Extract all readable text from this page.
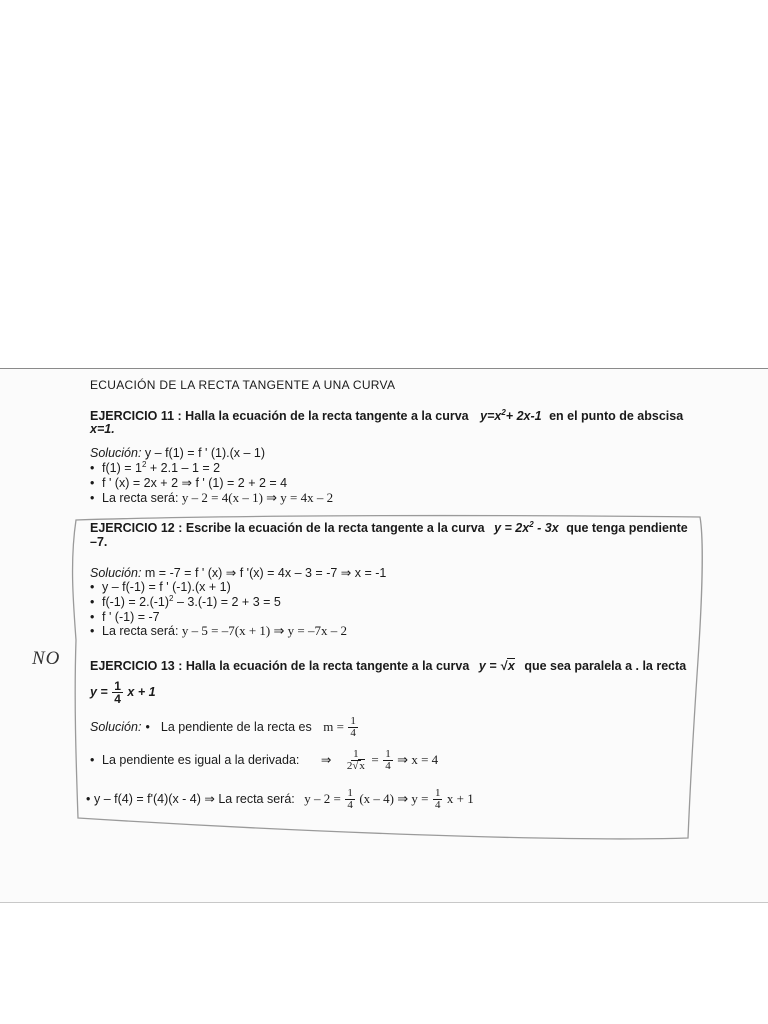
NO
ECUACIÓN DE LA RECTA TANGENTE A UNA CURVA
EJERCICIO 11 : Halla la ecuación de la recta tangente a la curva $y=x^2+ 2x-1$ en el punto de abscisa
x=1.
Solución: y – f(1) = f ' (1).(x – 1)
• $f(1) = 1^2 + 2.1 - 1 = 2$
• f ' (x) = 2x + 2 ⇒ f ' (1) = 2 + 2 = 4
• La recta será: y – 2 = 4(x – 1) ⇒ y = 4x – 2
EJERCICIO 12 : Escribe la ecuación de la recta tangente a la curva $y = 2x^2 - 3x$ que tenga pendiente
–7.
Solución: m = -7 = f ' (x) ⇒ f '(x) = 4x – 3 = -7 ⇒ x = -1
• y – f(-1) = f ' (-1).(x + 1)
• $f(-1) = 2.(-1)^2 - 3.(-1) = 2 + 3 = 5$
• f ' (-1) = -7
• La recta será: y – 5 = –7(x + 1) ⇒ y = –7x – 2
EJERCICIO 13 : Halla la ecuación de la recta tangente a la curva y = √x que sea paralela a . la recta
$y = \frac{1}{4}$ x + 1
Solución: • La pendiente de la recta es $m = \frac{1}{4}$
• La pendiente es igual a la derivada: ⇒ $\frac{1}{2√x} = \frac{1}{4}$ ⇒ x = 4
• y – f(4) = f'(4)(x - 4) ⇒ La recta será: $y - 2 = \frac{1}{4} (x - 4)$ ⇒ $y = \frac{1}{4}$ x + 1
